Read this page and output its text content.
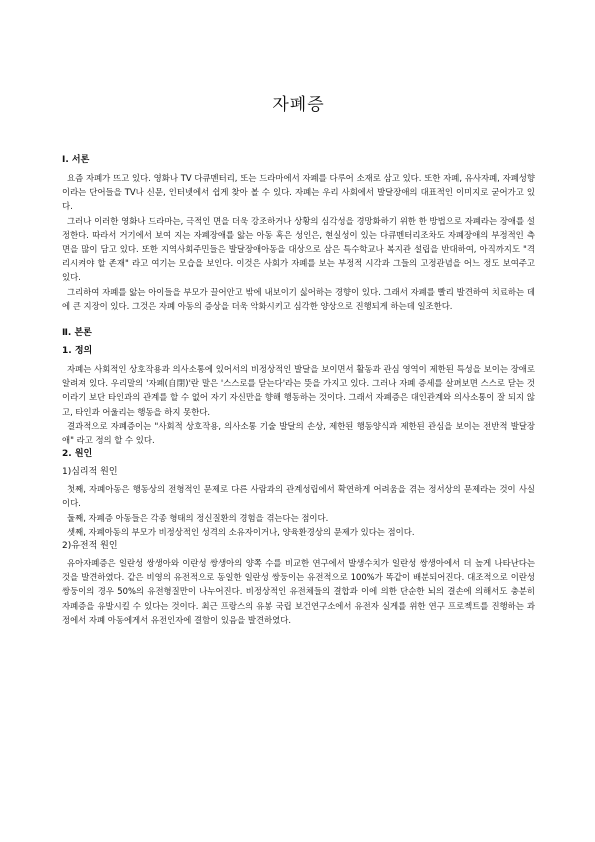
자폐증
Ⅰ. 서론

요즘 자폐가 뜨고 있다. 영화나 TV 다큐멘터리, 또는 드라마에서 자폐를 다루어 소재로 삼고 있다. 또한 자폐, 유사자폐, 자폐성향이라는 단어들을 TV나 신문, 인터넷에서 쉽게 찾아 볼 수 있다. 자폐는 우리 사회에서 발달장애의 대표적인 이미지로 굳어가고 있다.

그러나 이러한 영화나 드라마는, 극적인 면을 더욱 강조하거나 상황의 심각성을 경망화하기 위한 한 방법으로 자폐라는 장애를 설정한다. 따라서 거기에서 보여 지는 자폐장애를 앓는 아동 혹은 성인은, 현실성이 있는 다큐멘터리조차도 자폐장애의 부정적인 측면을 많이 담고 있다. 또한 지역사회주민들은 발달장애아동을 대상으로 삼은 특수학교나 복지관 설립을 반대하여, 아직까지도 "격리시켜야 할 존재" 라고 여기는 모습을 보인다. 이것은 사회가 자폐를 보는 부정적 시각과 그들의 고정관념을 어느 정도 보여주고 있다.

그리하여 자폐를 앓는 아이들을 부모가 끌어안고 밖에 내보이기 싫어하는 경향이 있다. 그래서 자폐를 빨리 발견하여 치료하는 데에 큰 지장이 있다. 그것은 자폐 아동의 증상을 더욱 악화시키고 심각한 양상으로 진행되게 하는데 일조한다.

Ⅱ. 본론
1. 정의

자폐는 사회적인 상호작용과 의사소통에 있어서의 비정상적인 발달을 보이면서 활동과 관심 영역이 제한된 특성을 보이는 장애로 알려져 있다. 우리말의 '자폐(自閉)'란 말은 '스스로를 닫는다'라는 뜻을 가지고 있다. 그러나 자폐 증세를 살펴보면 스스로 닫는 것이라기 보단 타인과의 관계를 할 수 없어 자기 자신만을 향해 행동하는 것이다. 그래서 자폐증은 대인관계와 의사소통이 잘 되지 않고, 타인과 어울리는 행동을 하지 못한다.

결과적으로 자폐증이는 "사회적 상호작용, 의사소통 기술 발달의 손상, 제한된 행동양식과 제한된 관심을 보이는 전반적 발달장애" 라고 정의 할 수 있다.

2. 원인
1)심리적 원인

첫째, 자폐아동은 행동상의 전형적인 문제로 다른 사람과의 관계성립에서 확연하게 어려움을 겪는 정서상의 문제라는 것이 사실이다.

둘째, 자폐증 아동들은 각종 형태의 정신질환의 경험을 겪는다는 점이다.

셋째, 자폐아동의 부모가 비정상적인 성격의 소유자이거나, 양육환경상의 문제가 있다는 점이다.

2)유전적 원인

유아자폐증은 일란성 쌍생아와 이란성 쌍생아의 양쪽 수를 비교한 연구에서 발생수치가 일란성 쌍생아에서 더 높게 나타난다는 것을 발견하였다. 같은 비영의 유전적으로 동일한 일란성 쌍둥이는 유전적으로 100%가 똑같이 배분되어진다. 대조적으로 이란성 쌍둥이의 경우 50%의 유전형질만이 나누어진다. 비정상적인 유전체들의 결합과 이에 의한 단순한 뇌의 결손에 의해서도 충분히 자폐증을 유발시킬 수 있다는 것이다. 최근 프랑스의 유봉 국립 보건연구소에서 유전자 실게를 위한 연구 프로젝트를 진행하는 과정에서 자폐 아동에게서 유전인자에 결함이 있음을 발견하였다.
